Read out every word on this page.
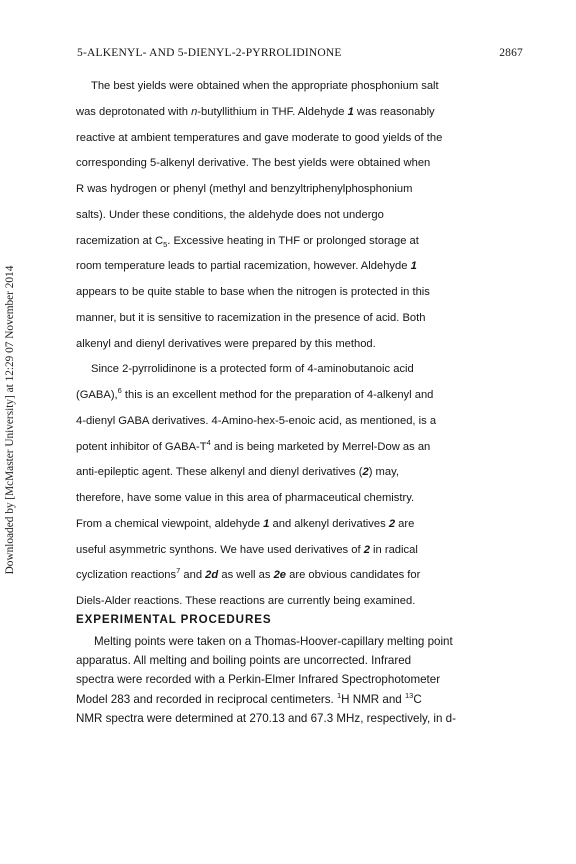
5-ALKENYL- AND 5-DIENYL-2-PYRROLIDINONE	2867
Downloaded by [McMaster University] at 12:29 07 November 2014
The best yields were obtained when the appropriate phosphonium salt
was deprotonated with n-butyllithium in THF. Aldehyde 1 was reasonably
reactive at ambient temperatures and gave moderate to good yields of the
corresponding 5-alkenyl derivative. The best yields were obtained when
R was hydrogen or phenyl (methyl and benzyltriphenylphosphonium
salts). Under these conditions, the aldehyde does not undergo
racemization at $C_5$. Excessive heating in THF or prolonged storage at
room temperature leads to partial racemization, however. Aldehyde 1
appears to be quite stable to base when the nitrogen is protected in this
manner, but it is sensitive to racemization in the presence of acid. Both
alkenyl and dienyl derivatives were prepared by this method.
Since 2-pyrrolidinone is a protected form of 4-aminobutanoic acid
(GABA),$^6$ this is an excellent method for the preparation of 4-alkenyl and
4-dienyl GABA derivatives. 4-Amino-hex-5-enoic acid, as mentioned, is a
potent inhibitor of GABA-$T^4$ and is being marketed by Merrel-Dow as an
anti-epileptic agent. These alkenyl and dienyl derivatives (2) may,
therefore, have some value in this area of pharmaceutical chemistry.
From a chemical viewpoint, aldehyde 1 and alkenyl derivatives 2 are
useful asymmetric synthons. We have used derivatives of 2 in radical
cyclization reactions$^7$ and 2d as well as 2e are obvious candidates for
Diels-Alder reactions. These reactions are currently being examined.
EXPERIMENTAL PROCEDURES
Melting points were taken on a Thomas-Hoover-capillary melting point
apparatus. All melting and boiling points are uncorrected. Infrared
spectra were recorded with a Perkin-Elmer Infrared Spectrophotometer
Model 283 and recorded in reciprocal centimeters. $^1$H NMR and $^{13}$C
NMR spectra were determined at 270.13 and 67.3 MHz, respectively, in d-
